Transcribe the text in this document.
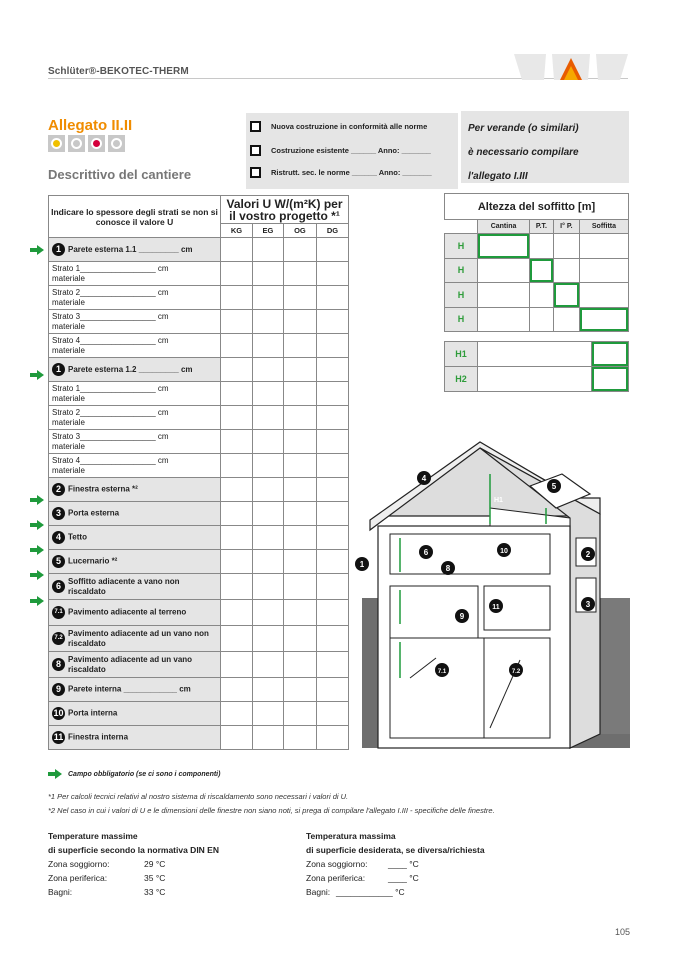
Schlüter®-BEKOTEC-THERM
Allegato II.II
Descrittivo del cantiere
Nuova costruzione in conformità alle norme
Costruzione esistente ______ Anno: _______
Ristrutt. sec. le norme ______ Anno: _______
Per verande (o similari)
è necessario compilare
l'allegato I.III
Indicare lo spessore degli strati se non si conosce il valore U	Valori U W/(m²K) per il vostro progetto *¹			
	KG	EG	OG	DG
1 Parete esterna 1.1 _________ cm				
Strato 1_________________ cm materiale				
Strato 2_________________ cm materiale				
Strato 3_________________ cm materiale				
Strato 4_________________ cm materiale				
1 Parete esterna 1.2 _________ cm				
Strato 1_________________ cm materiale				
Strato 2_________________ cm materiale				
Strato 3_________________ cm materiale				
Strato 4_________________ cm materiale				
2 Finestra esterna *²				
3 Porta esterna				
4 Tetto				
5 Lucernario *²				
6 Soffitto adiacente a vano non riscaldato				
7.1 Pavimento adiacente al terreno				
7.2Pavimento adiacente ad un vano non riscaldato				
8 Pavimento adiacente ad un vano riscaldato				
9 Parete interna ____________ cm				
10 Porta interna				
11 Finestra interna				
Altezza del soffitto [m]				
	Cantina	P.T.	I° P.	Soffitta
H				
H				
H				
H				
H1		
H2		
H
H
H
H1
H2
1
2
3
4
5
6
7.1	7.2
8
9
10
11
Campo obbligatorio (se ci sono i componenti)
*1 Per calcoli tecnici relativi al nostro sistema di riscaldamento sono necessari i valori di U.
*2 Nel caso in cui i valori di U e le dimensioni delle finestre non siano noti, si prega di compilare l'allegato I.III - specifiche delle finestre.
Temperature massime
di superficie secondo la normativa DIN EN
Zona soggiorno:	29 °C
Zona periferica:	35 °C
Bagni:	33 °C
Temperatura massima
di superficie desiderata, se diversa/richiesta
Zona soggiorno:	____ °C
Zona periferica:	____ °C
Bagni: ____________ °C
105
